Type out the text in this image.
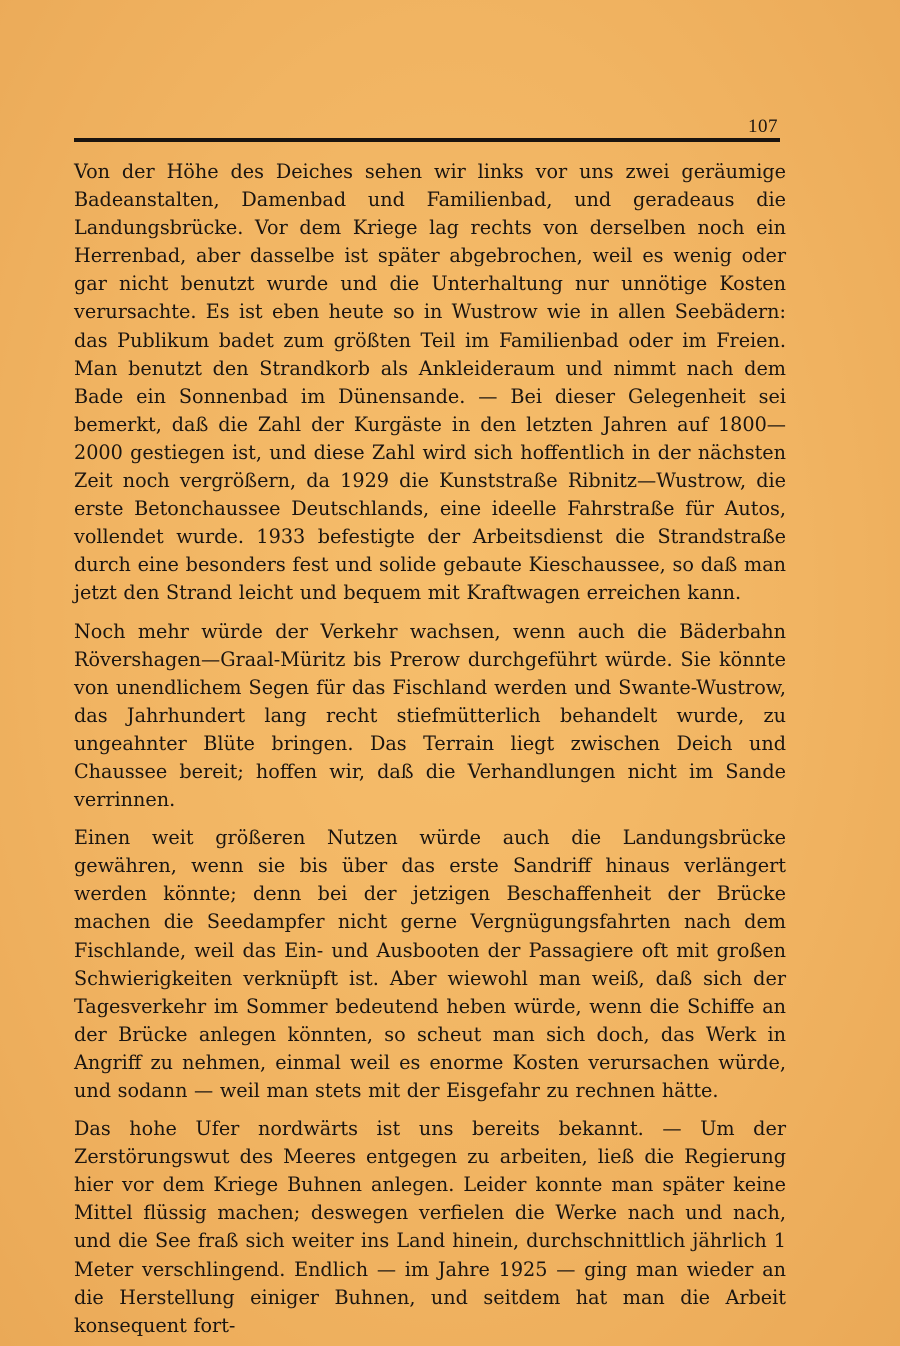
107

Von der Höhe des Deiches sehen wir links vor uns zwei geräumige Badeanstalten, Damenbad und Familienbad, und geradeaus die Landungsbrücke. Vor dem Kriege lag rechts von derselben noch ein Herrenbad, aber dasselbe ist später abgebrochen, weil es wenig oder gar nicht benutzt wurde und die Unterhaltung nur unnötige Kosten verursachte. Es ist eben heute so in Wustrow wie in allen Seebädern: das Publikum badet zum größten Teil im Familienbad oder im Freien. Man benutzt den Strandkorb als Ankleideraum und nimmt nach dem Bade ein Sonnenbad im Dünensande. — Bei dieser Gelegenheit sei bemerkt, daß die Zahl der Kurgäste in den letzten Jahren auf 1800—2000 gestiegen ist, und diese Zahl wird sich hoffentlich in der nächsten Zeit noch vergrößern, da 1929 die Kunststraße Ribnitz—Wustrow, die erste Betonchaussee Deutschlands, eine ideelle Fahrstraße für Autos, vollendet wurde. 1933 befestigte der Arbeitsdienst die Strandstraße durch eine besonders fest und solide gebaute Kieschaussee, so daß man jetzt den Strand leicht und bequem mit Kraftwagen erreichen kann.

Noch mehr würde der Verkehr wachsen, wenn auch die Bäderbahn Rövershagen—Graal-Müritz bis Prerow durchgeführt würde. Sie könnte von unendlichem Segen für das Fischland werden und Swante-Wustrow, das Jahrhundert lang recht stiefmütterlich behandelt wurde, zu ungeahnter Blüte bringen. Das Terrain liegt zwischen Deich und Chaussee bereit; hoffen wir, daß die Verhandlungen nicht im Sande verrinnen.

Einen weit größeren Nutzen würde auch die Landungsbrücke gewähren, wenn sie bis über das erste Sandriff hinaus verlängert werden könnte; denn bei der jetzigen Beschaffenheit der Brücke machen die Seedampfer nicht gerne Vergnügungsfahrten nach dem Fischlande, weil das Ein- und Ausbooten der Passagiere oft mit großen Schwierigkeiten verknüpft ist. Aber wiewohl man weiß, daß sich der Tagesverkehr im Sommer bedeutend heben würde, wenn die Schiffe an der Brücke anlegen könnten, so scheut man sich doch, das Werk in Angriff zu nehmen, einmal weil es enorme Kosten verursachen würde, und sodann — weil man stets mit der Eisgefahr zu rechnen hätte.

Das hohe Ufer nordwärts ist uns bereits bekannt. — Um der Zerstörungswut des Meeres entgegen zu arbeiten, ließ die Regierung hier vor dem Kriege Buhnen anlegen. Leider konnte man später keine Mittel flüssig machen; deswegen verfielen die Werke nach und nach, und die See fraß sich weiter ins Land hinein, durchschnittlich jährlich 1 Meter verschlingend. Endlich — im Jahre 1925 — ging man wieder an die Herstellung einiger Buhnen, und seitdem hat man die Arbeit konsequent fort-
